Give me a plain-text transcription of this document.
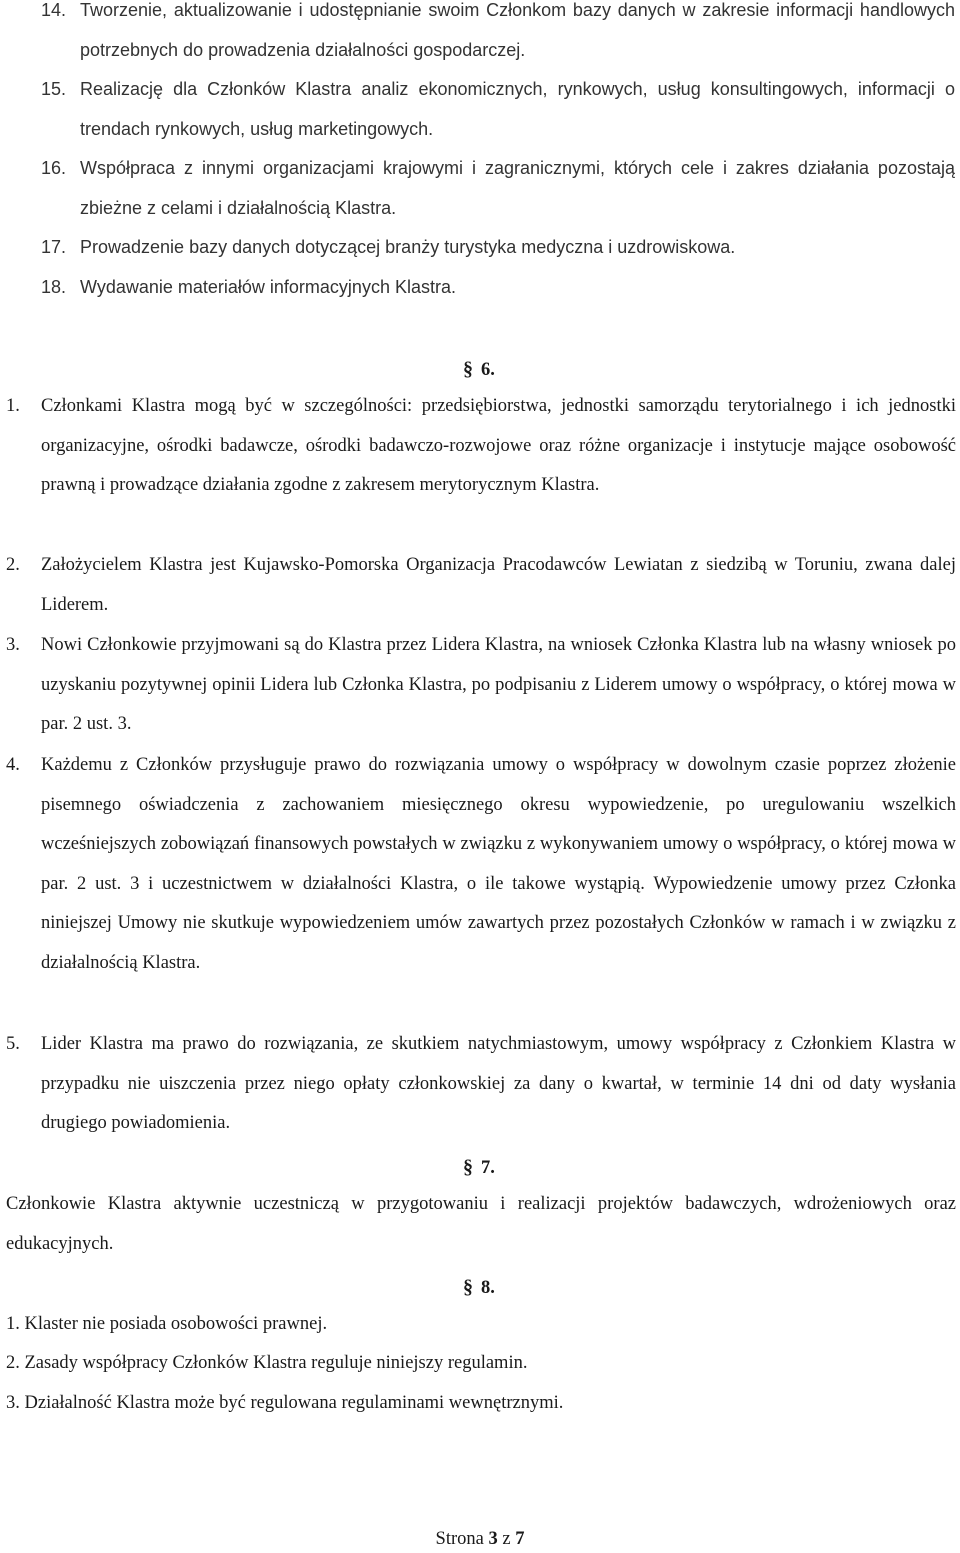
14. Tworzenie, aktualizowanie i udostępnianie swoim Członkom bazy danych w zakresie informacji handlowych potrzebnych do prowadzenia działalności gospodarczej.
15. Realizację dla Członków Klastra analiz ekonomicznych, rynkowych, usług konsultingowych, informacji o trendach rynkowych, usług marketingowych.
16. Współpraca z innymi organizacjami krajowymi i zagranicznymi, których cele i zakres działania pozostają zbieżne z celami i działalnością Klastra.
17. Prowadzenie bazy danych dotyczącej branży turystyka medyczna i uzdrowiskowa.
18. Wydawanie materiałów informacyjnych Klastra.
§ 6.
1.	Członkami Klastra mogą być w szczególności: przedsiębiorstwa, jednostki samorządu terytorialnego i ich jednostki organizacyjne, ośrodki badawcze, ośrodki badawczo-rozwojowe oraz różne organizacje i instytucje mające osobowość prawną i prowadzące działania zgodne z zakresem merytorycznym Klastra.
2.	Założycielem Klastra jest Kujawsko-Pomorska Organizacja Pracodawców Lewiatan z siedzibą w Toruniu, zwana dalej Liderem.
3.	Nowi Członkowie przyjmowani są do Klastra przez Lidera Klastra, na wniosek Członka Klastra lub na własny wniosek po uzyskaniu pozytywnej opinii Lidera lub Członka Klastra, po podpisaniu z Liderem umowy o współpracy, o której mowa w par. 2 ust. 3.
4.	Każdemu z Członków przysługuje prawo do rozwiązania umowy o współpracy w dowolnym czasie poprzez złożenie pisemnego oświadczenia z zachowaniem miesięcznego okresu wypowiedzenie, po uregulowaniu wszelkich wcześniejszych zobowiązań finansowych powstałych w związku z wykonywaniem umowy o współpracy, o której mowa w par. 2 ust. 3 i uczestnictwem w działalności Klastra, o ile takowe wystąpią. Wypowiedzenie umowy przez Członka niniejszej Umowy nie skutkuje wypowiedzeniem umów zawartych przez pozostałych Członków w ramach i w związku z działalnością Klastra.
5.	Lider Klastra ma prawo do rozwiązania, ze skutkiem natychmiastowym, umowy współpracy z Członkiem Klastra w przypadku nie uiszczenia przez niego opłaty członkowskiej za dany o kwartał, w terminie 14 dni od daty wysłania drugiego powiadomienia.
§ 7.
Członkowie Klastra aktywnie uczestniczą w przygotowaniu i realizacji projektów badawczych, wdrożeniowych oraz edukacyjnych.
§ 8.
1. Klaster nie posiada osobowości prawnej.
2. Zasady współpracy Członków Klastra reguluje niniejszy regulamin.
3. Działalność Klastra może być regulowana regulaminami wewnętrznymi.
Strona 3 z 7
